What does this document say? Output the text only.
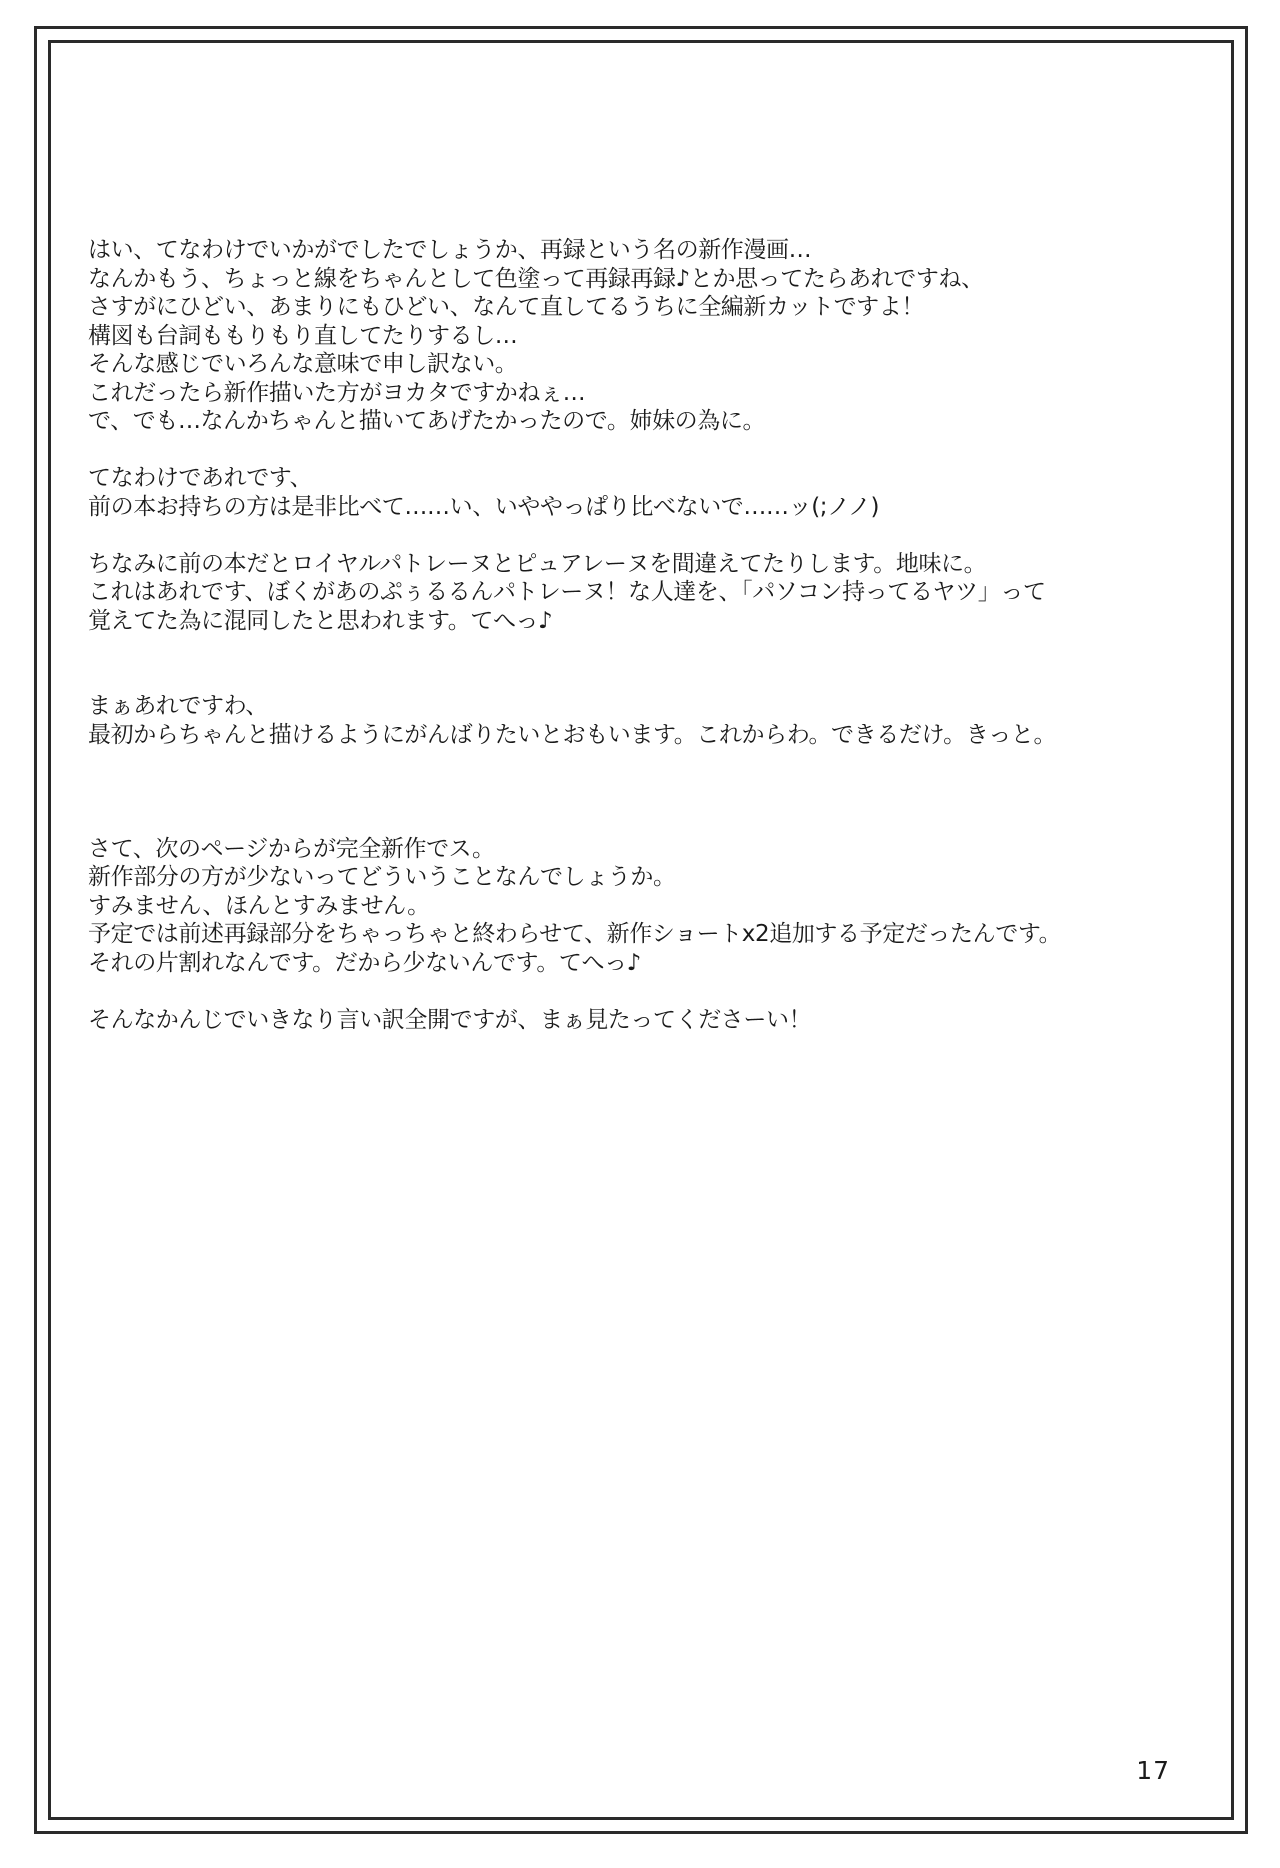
はい、てなわけでいかがでしたでしょうか、再録という名の新作漫画…
なんかもう、ちょっと線をちゃんとして色塗って再録再録♪とか思ってたらあれですね、
さすがにひどい、あまりにもひどい、なんて直してるうちに全編新カットですよ！
構図も台詞ももりもり直してたりするし…
そんな感じでいろんな意味で申し訳ない。
これだったら新作描いた方がヨカタですかねぇ…
で、でも…なんかちゃんと描いてあげたかったので。姉妹の為に。
てなわけであれです、
前の本お持ちの方は是非比べて……い、いややっぱり比べないで……ッ(;ノノ)
ちなみに前の本だとロイヤルパトレーヌとピュアレーヌを間違えてたりします。地味に。
これはあれです、ぼくがあのぷぅるるんパトレーヌ！な人達を、「パソコン持ってるヤツ」って
覚えてた為に混同したと思われます。てへっ♪
まぁあれですわ、
最初からちゃんと描けるようにがんばりたいとおもいます。これからわ。できるだけ。きっと。
さて、次のページからが完全新作でス。
新作部分の方が少ないってどういうことなんでしょうか。
すみません、ほんとすみません。
予定では前述再録部分をちゃっちゃと終わらせて、新作ショートx2追加する予定だったんです。
それの片割れなんです。だから少ないんです。てへっ♪
そんなかんじでいきなり言い訳全開ですが、まぁ見たってくださーい！
17
